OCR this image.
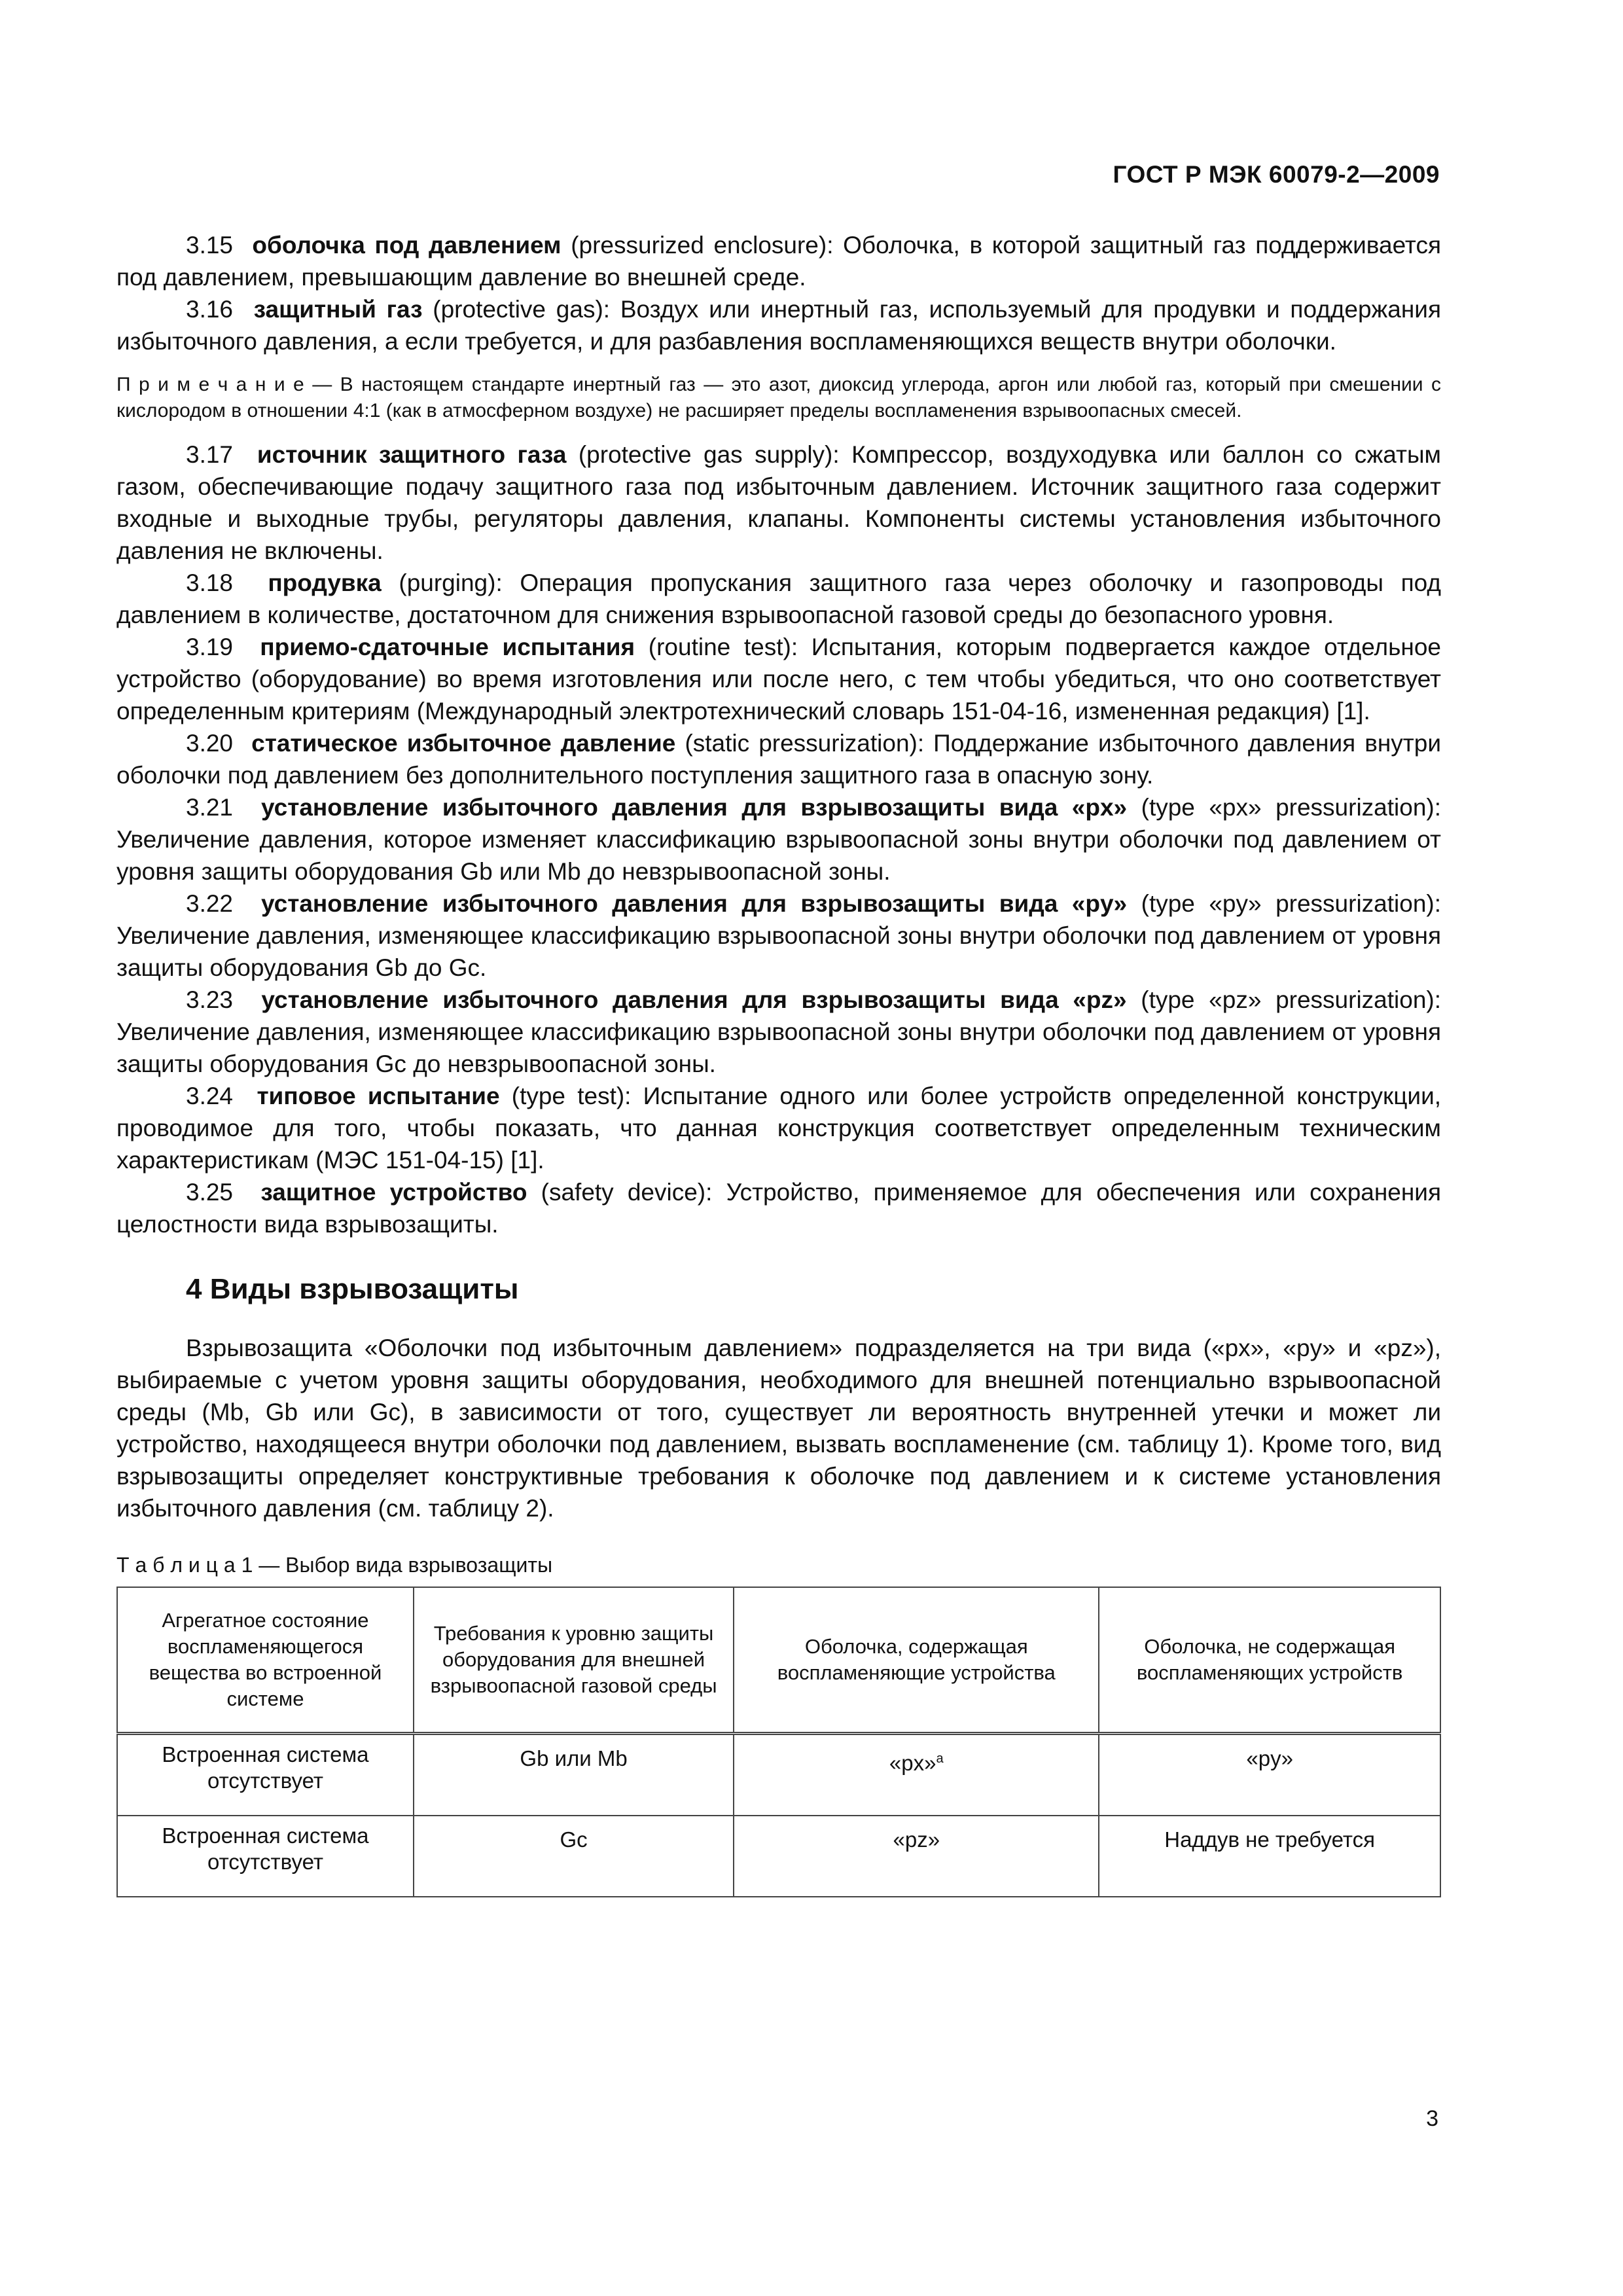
ГОСТ Р МЭК 60079-2—2009

3.15 оболочка под давлением (pressurized enclosure): Оболочка, в которой защитный газ поддерживается под давлением, превышающим давление во внешней среде.

3.16 защитный газ (protective gas): Воздух или инертный газ, используемый для продувки и поддержания избыточного давления, а если требуется, и для разбавления воспламеняющихся веществ внутри оболочки.

П р и м е ч а н и е — В настоящем стандарте инертный газ — это азот, диоксид углерода, аргон или любой газ, который при смешении с кислородом в отношении 4:1 (как в атмосферном воздухе) не расширяет пределы воспламенения взрывоопасных смесей.

3.17 источник защитного газа (protective gas supply): Компрессор, воздуходувка или баллон со сжатым газом, обеспечивающие подачу защитного газа под избыточным давлением. Источник защитного газа содержит входные и выходные трубы, регуляторы давления, клапаны. Компоненты системы установления избыточного давления не включены.

3.18 продувка (purging): Операция пропускания защитного газа через оболочку и газопроводы под давлением в количестве, достаточном для снижения взрывоопасной газовой среды до безопасного уровня.

3.19 приемо-сдаточные испытания (routine test): Испытания, которым подвергается каждое отдельное устройство (оборудование) во время изготовления или после него, с тем чтобы убедиться, что оно соответствует определенным критериям (Международный электротехнический словарь 151-04-16, измененная редакция) [1].

3.20 статическое избыточное давление (static pressurization): Поддержание избыточного давления внутри оболочки под давлением без дополнительного поступления защитного газа в опасную зону.

3.21 установление избыточного давления для взрывозащиты вида «px» (type «px» pressurization): Увеличение давления, которое изменяет классификацию взрывоопасной зоны внутри оболочки под давлением от уровня защиты оборудования Gb или Mb до невзрывоопасной зоны.

3.22 установление избыточного давления для взрывозащиты вида «py» (type «py» pressurization): Увеличение давления, изменяющее классификацию взрывоопасной зоны внутри оболочки под давлением от уровня защиты оборудования Gb до Gc.

3.23 установление избыточного давления для взрывозащиты вида «pz» (type «pz» pressurization): Увеличение давления, изменяющее классификацию взрывоопасной зоны внутри оболочки под давлением от уровня защиты оборудования Gc до невзрывоопасной зоны.

3.24 типовое испытание (type test): Испытание одного или более устройств определенной конструкции, проводимое для того, чтобы показать, что данная конструкция соответствует определенным техническим характеристикам (МЭС 151-04-15) [1].

3.25 защитное устройство (safety device): Устройство, применяемое для обеспечения или сохранения целостности вида взрывозащиты.

4 Виды взрывозащиты

Взрывозащита «Оболочки под избыточным давлением» подразделяется на три вида («px», «py» и «pz»), выбираемые с учетом уровня защиты оборудования, необходимого для внешней потенциально взрывоопасной среды (Mb, Gb или Gc), в зависимости от того, существует ли вероятность внутренней утечки и может ли устройство, находящееся внутри оболочки под давлением, вызвать воспламенение (см. таблицу 1). Кроме того, вид взрывозащиты определяет конструктивные требования к оболочке под давлением и к системе установления избыточного давления (см. таблицу 2).

Т а б л и ц а 1 — Выбор вида взрывозащиты
Агрегатное состояние воспламеняющегося вещества во встроенной системе	Требования к уровню защиты оборудования для внешней взрывоопасной газовой среды	Оболочка, содержащая воспламеняющие устройства	Оболочка, не содержащая воспламеняющих устройств
Встроенная система отсутствует	Gb или Mb	«px»$^a$	«py»
Встроенная система отсутствует	Gc	«pz»	Наддув не требуется
3
